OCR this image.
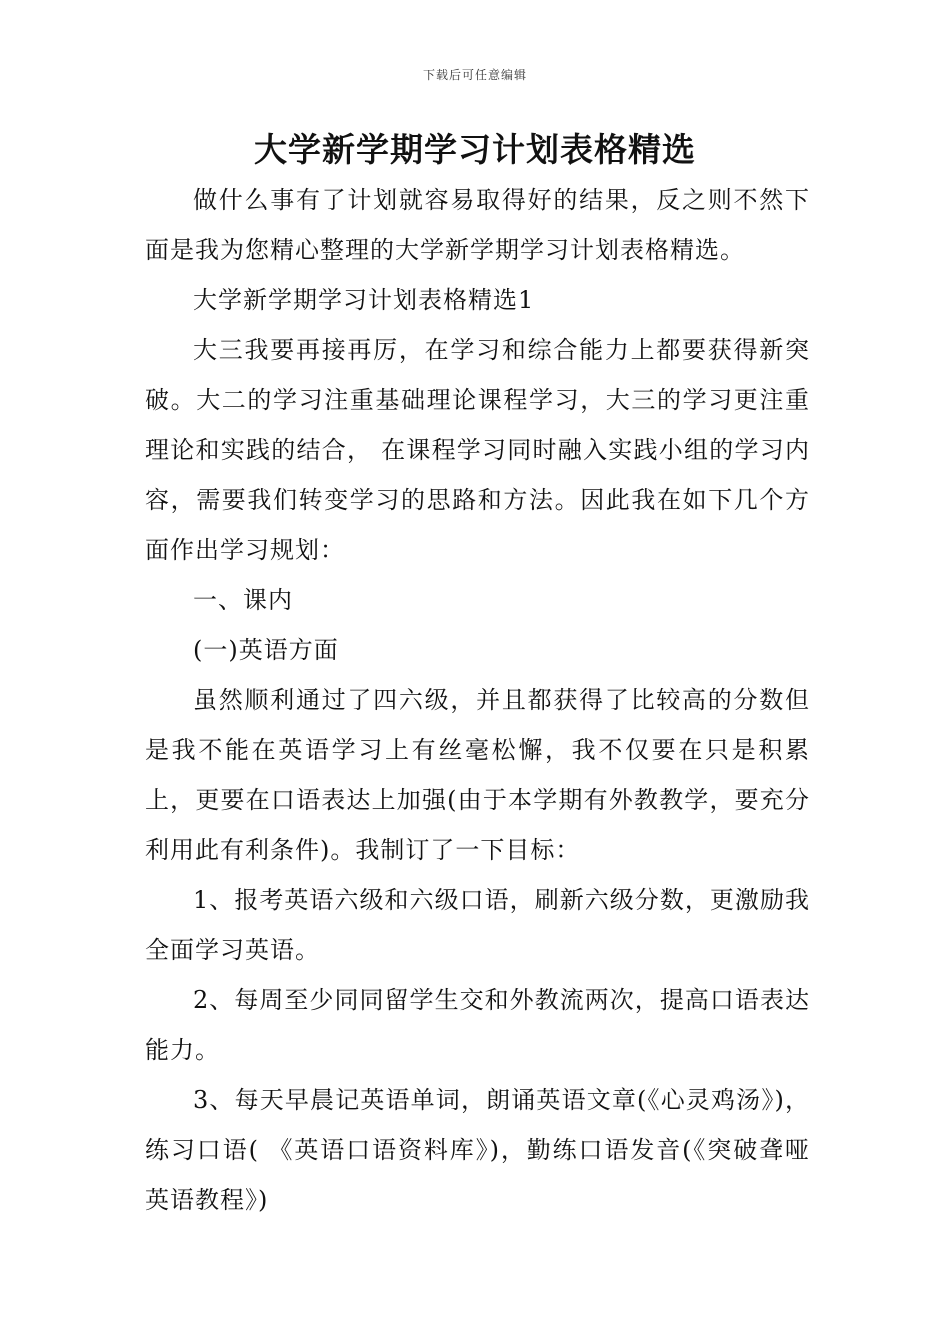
下载后可任意编辑
大学新学期学习计划表格精选

做什么事有了计划就容易取得好的结果，反之则不然下面是我为您精心整理的大学新学期学习计划表格精选。

大学新学期学习计划表格精选1

大三我要再接再厉，在学习和综合能力上都要获得新突破。大二的学习注重基础理论课程学习，大三的学习更注重理论和实践的结合， 在课程学习同时融入实践小组的学习内容，需要我们转变学习的思路和方法。因此我在如下几个方面作出学习规划：

一、课内

(一)英语方面

虽然顺利通过了四六级，并且都获得了比较高的分数但是我不能在英语学习上有丝毫松懈，我不仅要在只是积累上，更要在口语表达上加强(由于本学期有外教教学，要充分利用此有利条件)。我制订了一下目标：

1、报考英语六级和六级口语，刷新六级分数，更激励我全面学习英语。

2、每周至少同同留学生交和外教流两次，提高口语表达能力。

3、每天早晨记英语单词，朗诵英语文章(《心灵鸡汤》)，练习口语( 《英语口语资料库》)，勤练口语发音(《突破聋哑英语教程》)
